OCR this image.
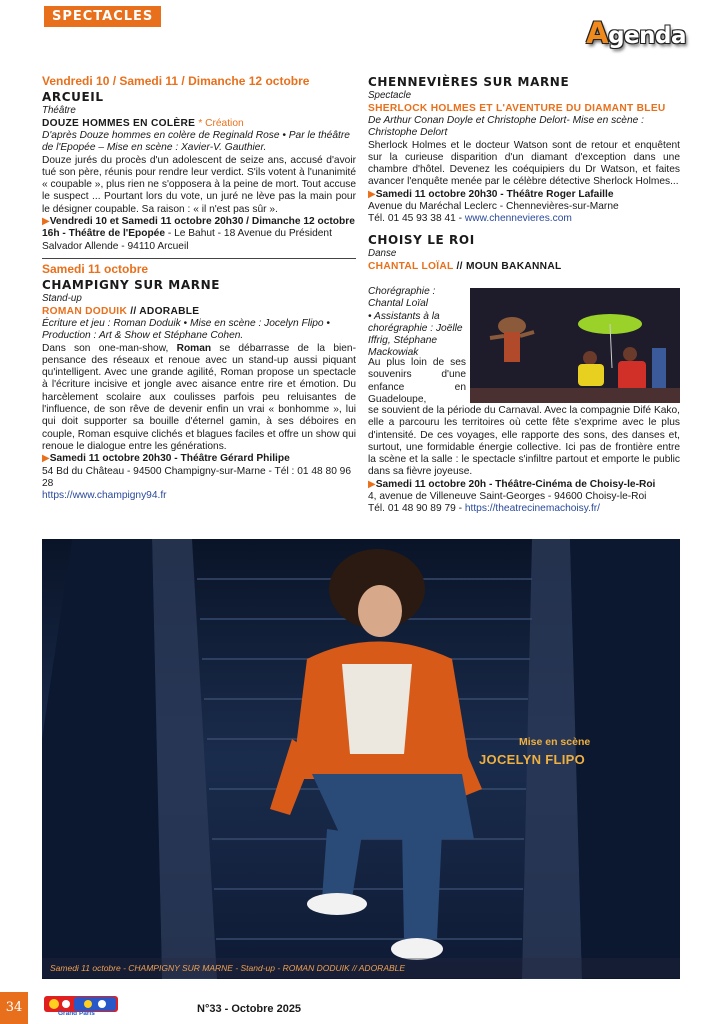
SPECTACLES	Agenda
Vendredi 10 / Samedi 11 / Dimanche 12 octobre
ARCUEIL
Théâtre
DOUZE HOMMES EN COLÈRE * Création
D'après Douze hommes en colère de Reginald Rose • Par le théâtre de l'Epopée – Mise en scène : Xavier-V. Gauthier.
Douze jurés du procès d'un adolescent de seize ans, accusé d'avoir tué son père, réunis pour rendre leur verdict. S'ils votent à l'unanimité « coupable », plus rien ne s'opposera à la peine de mort. Tout accuse le suspect ... Pourtant lors du vote, un juré ne lève pas la main pour le désigner coupable. Sa raison : « il n'est pas sûr ».
▶Vendredi 10 et Samedi 11 octobre 20h30 / Dimanche 12 octobre 16h - Théâtre de l'Epopée - Le Bahut - 18 Avenue du Président Salvador Allende - 94110 Arcueil
Samedi 11 octobre
CHAMPIGNY SUR MARNE
Stand-up
ROMAN DODUIK // ADORABLE
Écriture et jeu : Roman Doduik • Mise en scène : Jocelyn Flipo • Production : Art & Show et Stéphane Cohen.
Dans son one-man-show, Roman se débarrasse de la bien-pensance des réseaux et renoue avec un stand-up aussi piquant qu'intelligent. Avec une grande agilité, Roman propose un spectacle à l'écriture incisive et jongle avec aisance entre rire et émotion. Du harcèlement scolaire aux coulisses parfois peu reluisantes de l'influence, de son rêve de devenir enfin un vrai « bonhomme », lui qui doit supporter sa bouille d'éternel gamin, à ses déboires en couple, Roman esquive clichés et blagues faciles et offre un show qui renoue le dialogue entre les générations.
▶Samedi 11 octobre 20h30 - Théâtre Gérard Philipe
54 Bd du Château - 94500 Champigny-sur-Marne - Tél : 01 48 80 96 28
https://www.champigny94.fr
CHENNEVIÈRES SUR MARNE
Spectacle
SHERLOCK HOLMES ET L'AVENTURE DU DIAMANT BLEU
De Arthur Conan Doyle et Christophe Delort- Mise en scène : Christophe Delort
Sherlock Holmes et le docteur Watson sont de retour et enquêtent sur la curieuse disparition d'un diamant d'exception dans une chambre d'hôtel. Devenez les coéquipiers du Dr Watson, et faites avancer l'enquête menée par le célèbre détective Sherlock Holmes...
▶Samedi 11 octobre 20h30 - Théâtre Roger Lafaille
Avenue du Maréchal Leclerc - Chennevières-sur-Marne
Tél. 01 45 93 38 41 - www.chennevieres.com
CHOISY LE ROI
Danse
CHANTAL LOÏAL // MOUN BAKANNAL
Chorégraphie : Chantal Loïal
• Assistants à la chorégraphie : Joëlle Iffrig, Stéphane Mackowiak
Au plus loin de ses souvenirs d'une enfance en Guadeloupe,
se souvient de la période du Carnaval. Avec la compagnie Difé Kako, elle a parcouru les territoires où cette fête s'exprime avec le plus d'intensité. De ces voyages, elle rapporte des sons, des danses et, surtout, une formidable énergie collective. Ici pas de frontière entre la scène et la salle : le spectacle s'infiltre partout et emporte le public dans sa fièvre joyeuse.
▶Samedi 11 octobre 20h - Théâtre-Cinéma de Choisy-le-Roi
4, avenue de Villeneuve Saint-Georges - 94600 Choisy-le-Roi
Tél. 01 48 90 89 79 - https://theatrecinemachoisy.fr/
Mise en scène
JOCELYN FLIPO
Samedi 11 octobre - CHAMPIGNY SUR MARNE - Stand-up - ROMAN DODUIK // ADORABLE
34	Grand Paris	N°33 - Octobre 2025
